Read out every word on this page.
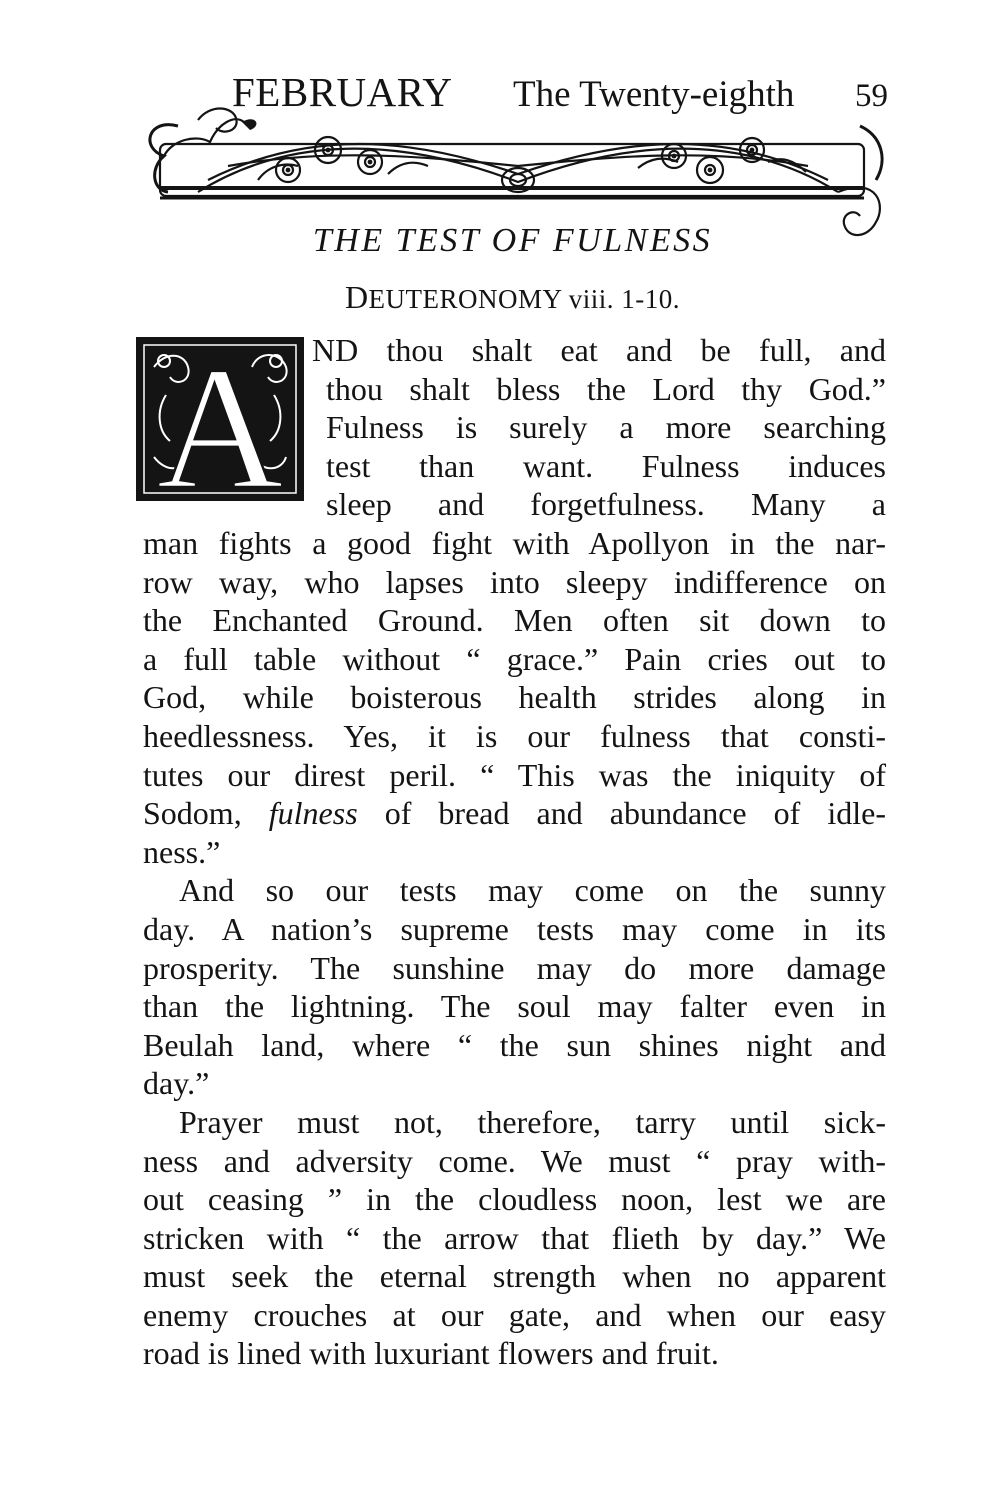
FEBRUARY The Twenty-eighth 59
THE TEST OF FULNESS
DEUTERONOMY viii. 1-10.
A ND thou shalt eat and be full, and
thou shalt bless the Lord thy God.”
Fulness is surely a more searching
test than want. Fulness induces
sleep and forgetfulness. Many a
man fights a good fight with Apollyon in the nar-
row way, who lapses into sleepy indifference on
the Enchanted Ground. Men often sit down to
a full table without “ grace.” Pain cries out to
God, while boisterous health strides along in
heedlessness. Yes, it is our fulness that consti-
tutes our direst peril. “ This was the iniquity of
Sodom, fulness of bread and abundance of idle-
ness.”
And so our tests may come on the sunny
day. A nation’s supreme tests may come in its
prosperity. The sunshine may do more damage
than the lightning. The soul may falter even in
Beulah land, where “ the sun shines night and
day.”
Prayer must not, therefore, tarry until sick-
ness and adversity come. We must “ pray with-
out ceasing ” in the cloudless noon, lest we are
stricken with “ the arrow that flieth by day.” We
must seek the eternal strength when no apparent
enemy crouches at our gate, and when our easy
road is lined with luxuriant flowers and fruit.
